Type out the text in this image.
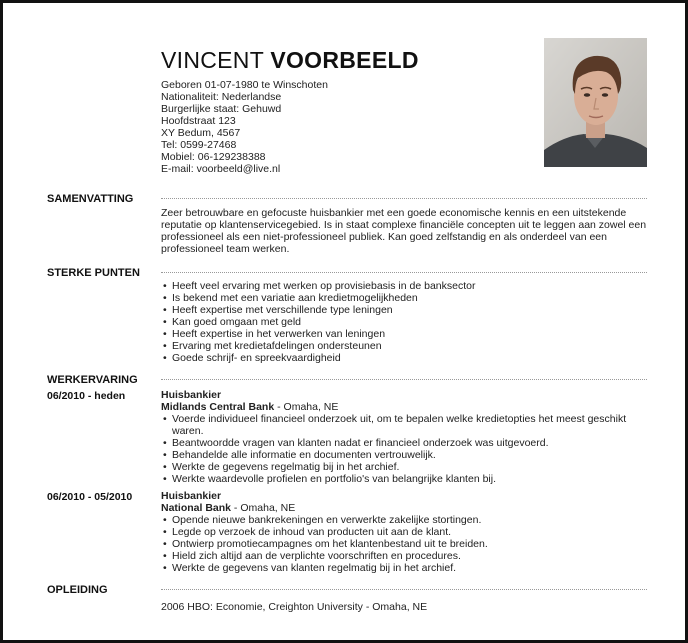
VINCENT VOORBEELD
Geboren 01-07-1980 te Winschoten
Nationaliteit: Nederlandse
Burgerlijke staat: Gehuwd
Hoofdstraat 123
XY Bedum, 4567
Tel: 0599-27468
Mobiel: 06-129238388
E-mail: voorbeeld@live.nl
SAMENVATTING
Zeer betrouwbare en gefocuste huisbankier met een goede economische kennis en een uitstekende reputatie op klantenservicegebied. Is in staat complexe financiële concepten uit te leggen aan zowel een professioneel als een niet-professioneel publiek. Kan goed zelfstandig en als onderdeel van een professioneel team werken.
STERKE PUNTEN
• Heeft veel ervaring met werken op provisiebasis in de banksector
• Is bekend met een variatie aan kredietmogelijkheden
• Heeft expertise met verschillende type leningen
• Kan goed omgaan met geld
• Heeft expertise in het verwerken van leningen
• Ervaring met kredietafdelingen ondersteunen
• Goede schrijf- en spreekvaardigheid
WERKERVARING
06/2010 - heden	Huisbankier
Midlands Central Bank - Omaha, NE
• Voerde individueel financieel onderzoek uit, om te bepalen welke kredietopties het meest geschikt waren.
• Beantwoordde vragen van klanten nadat er financieel onderzoek was uitgevoerd.
• Behandelde alle informatie en documenten vertrouwelijk.
• Werkte de gegevens regelmatig bij in het archief.
• Werkte waardevolle profielen en portfolio's van belangrijke klanten bij.
06/2010 - 05/2010	Huisbankier
National Bank - Omaha, NE
• Opende nieuwe bankrekeningen en verwerkte zakelijke stortingen.
• Legde op verzoek de inhoud van producten uit aan de klant.
• Ontwierp promotiecampagnes om het klantenbestand uit te breiden.
• Hield zich altijd aan de verplichte voorschriften en procedures.
• Werkte de gegevens van klanten regelmatig bij in het archief.
OPLEIDING
2006 HBO: Economie, Creighton University - Omaha, NE
